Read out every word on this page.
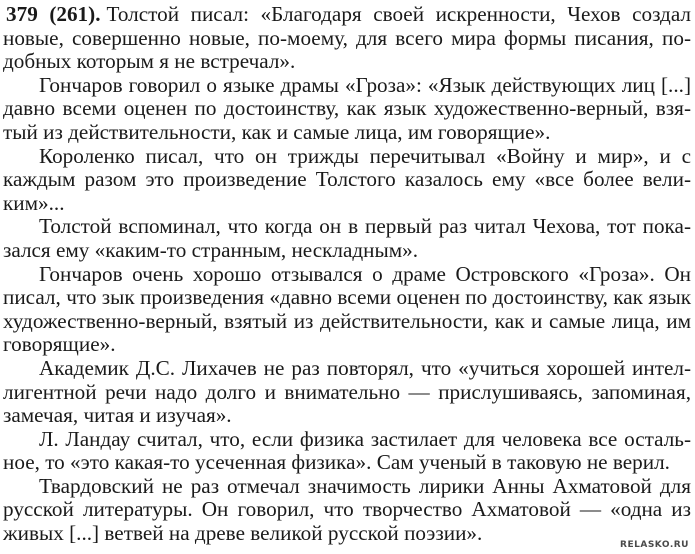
379 (261). Толстой писал: «Благодаря своей искренности, Чехов создал новые, совершенно новые, по-моему, для всего мира формы писания, подобных которым я не встречал».

Гончаров говорил о языке драмы «Гроза»: «Язык действующих лиц [...] давно всеми оценен по достоинству, как язык художественно-верный, взятый из действительности, как и самые лица, им говорящие».

Короленко писал, что он трижды перечитывал «Войну и мир», и с каждым разом это произведение Толстого казалось ему «все более великим»...

Толстой вспоминал, что когда он в первый раз читал Чехова, тот показался ему «каким-то странным, нескладным».

Гончаров очень хорошо отзывался о драме Островского «Гроза». Он писал, что зык произведения «давно всеми оценен по достоинству, как язык художественно-верный, взятый из действительности, как и самые лица, им говорящие».

Академик Д.С. Лихачев не раз повторял, что «учиться хорошей интеллигентной речи надо долго и внимательно — прислушиваясь, запоминая, замечая, читая и изучая».

Л. Ландау считал, что, если физика застилает для человека все остальное, то «это какая-то усеченная физика». Сам ученый в таковую не верил.

Твардовский не раз отмечал значимость лирики Анны Ахматовой для русской литературы. Он говорил, что творчество Ахматовой — «одна из живых [...] ветвей на древе великой русской поэзии».	RELASKO.RU
